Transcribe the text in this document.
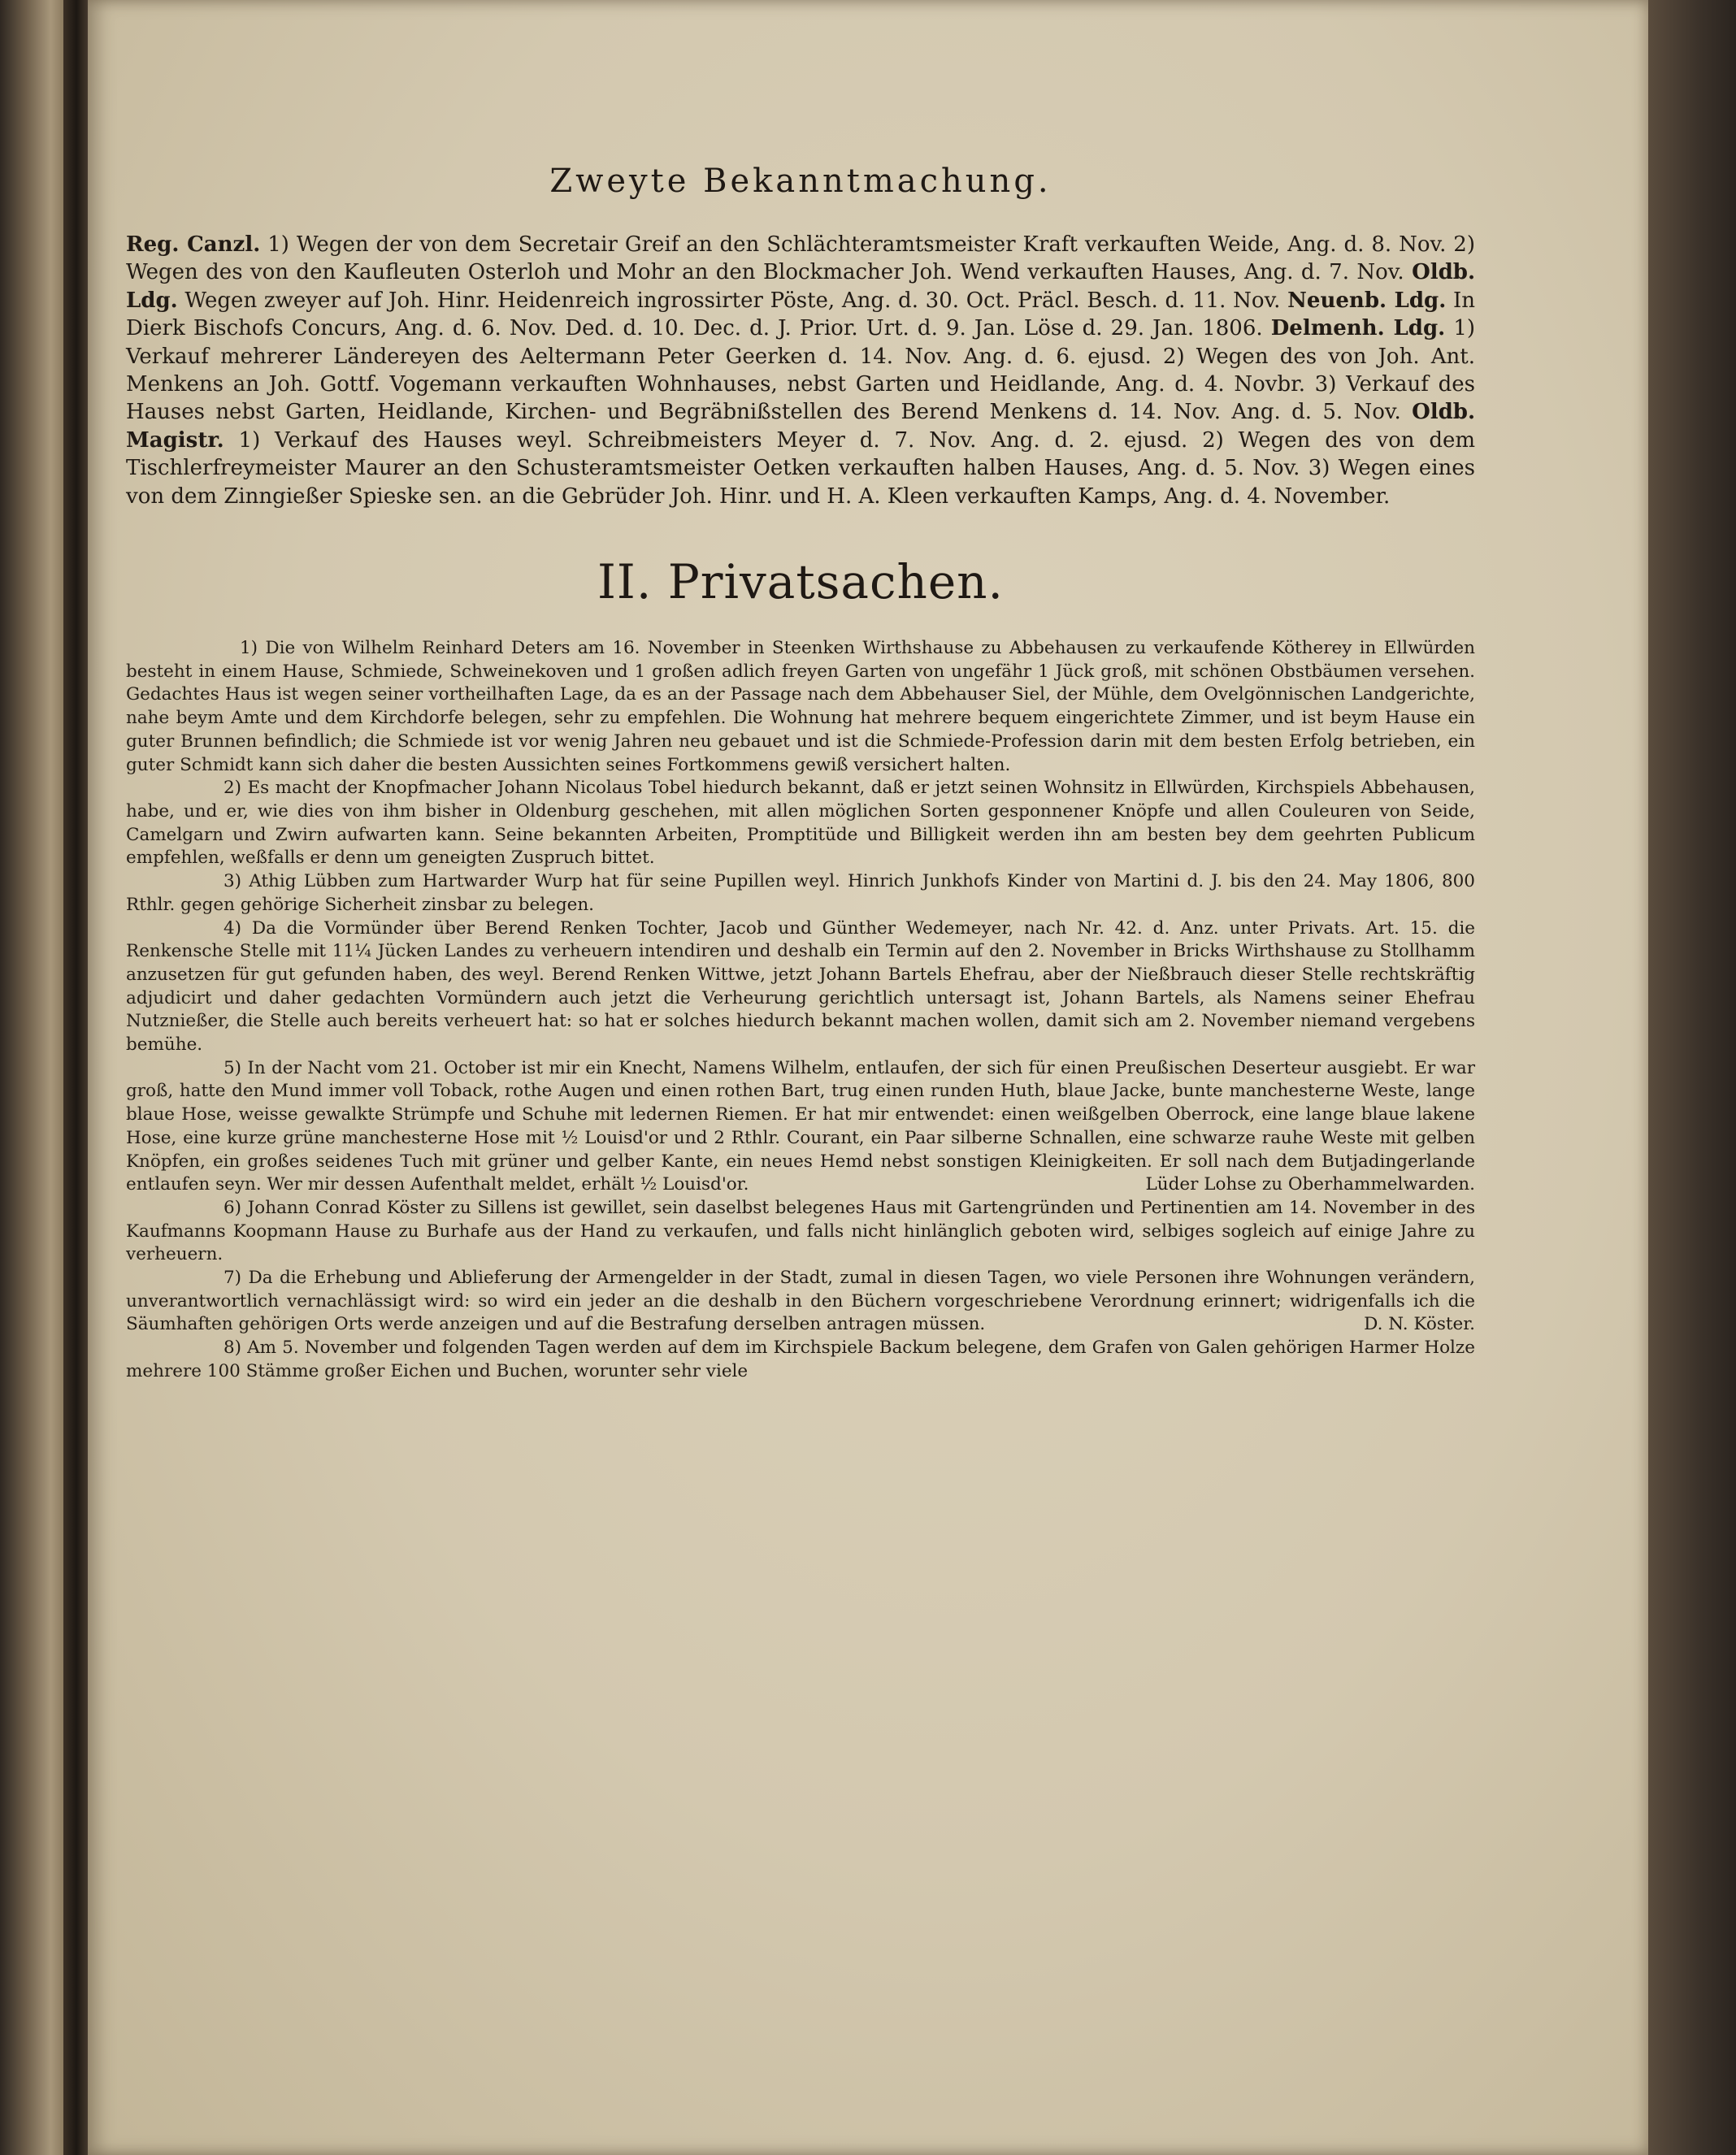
Zweyte Bekanntmachung.
Reg. Canzl. 1) Wegen der von dem Secretair Greif an den Schlächteramtsmeister Kraft verkauften Weide, Ang. d. 8. Nov. 2) Wegen des von den Kaufleuten Osterloh und Mohr an den Blockmacher Joh. Wend verkauften Hauses, Ang. d. 7. Nov. Oldb. Ldg. Wegen zweyer auf Joh. Hinr. Heidenreich ingrossirter Pöste, Ang. d. 30. Oct. Präcl. Besch. d. 11. Nov. Neuenb. Ldg. In Dierk Bischofs Concurs, Ang. d. 6. Nov. Ded. d. 10. Dec. d. J. Prior. Urt. d. 9. Jan. Löse d. 29. Jan. 1806. Delmenh. Ldg. 1) Verkauf mehrerer Ländereyen des Aeltermann Peter Geerken d. 14. Nov. Ang. d. 6. ejusd. 2) Wegen des von Joh. Ant. Menkens an Joh. Gottf. Vogemann verkauften Wohnhauses, nebst Garten und Heidlande, Ang. d. 4. Novbr. 3) Verkauf des Hauses nebst Garten, Heidlande, Kirchen- und Begräbnißstellen des Berend Menkens d. 14. Nov. Ang. d. 5. Nov. Oldb. Magistr. 1) Verkauf des Hauses weyl. Schreibmeisters Meyer d. 7. Nov. Ang. d. 2. ejusd. 2) Wegen des von dem Tischlerfreymeister Maurer an den Schusteramtsmeister Oetken verkauften halben Hauses, Ang. d. 5. Nov. 3) Wegen eines von dem Zinngießer Spieske sen. an die Gebrüder Joh. Hinr. und H. A. Kleen verkauften Kamps, Ang. d. 4. November.
II. Privatsachen.

1) Die von Wilhelm Reinhard Deters am 16. November in Steenken Wirthshause zu Abbehausen zu verkaufende Kötherey in Ellwürden besteht in einem Hause, Schmiede, Schweinekoven und 1 großen adlich freyen Garten von ungefähr 1 Jück groß, mit schönen Obstbäumen versehen. Gedachtes Haus ist wegen seiner vortheilhaften Lage, da es an der Passage nach dem Abbehauser Siel, der Mühle, dem Ovelgönnischen Landgerichte, nahe beym Amte und dem Kirchdorfe belegen, sehr zu empfehlen. Die Wohnung hat mehrere bequem eingerichtete Zimmer, und ist beym Hause ein guter Brunnen befindlich; die Schmiede ist vor wenig Jahren neu gebauet und ist die Schmiede-Profession darin mit dem besten Erfolg betrieben, ein guter Schmidt kann sich daher die besten Aussichten seines Fortkommens gewiß versichert halten.

2) Es macht der Knopfmacher Johann Nicolaus Tobel hiedurch bekannt, daß er jetzt seinen Wohnsitz in Ellwürden, Kirchspiels Abbehausen, habe, und er, wie dies von ihm bisher in Oldenburg geschehen, mit allen möglichen Sorten gesponnener Knöpfe und allen Couleuren von Seide, Camelgarn und Zwirn aufwarten kann. Seine bekannten Arbeiten, Promptitüde und Billigkeit werden ihn am besten bey dem geehrten Publicum empfehlen, weßfalls er denn um geneigten Zuspruch bittet.

3) Athig Lübben zum Hartwarder Wurp hat für seine Pupillen weyl. Hinrich Junkhofs Kinder von Martini d. J. bis den 24. May 1806, 800 Rthlr. gegen gehörige Sicherheit zinsbar zu belegen.

4) Da die Vormünder über Berend Renken Tochter, Jacob und Günther Wedemeyer, nach Nr. 42. d. Anz. unter Privats. Art. 15. die Renkensche Stelle mit 11¼ Jücken Landes zu verheuern intendiren und deshalb ein Termin auf den 2. November in Bricks Wirthshause zu Stollhamm anzusetzen für gut gefunden haben, des weyl. Berend Renken Wittwe, jetzt Johann Bartels Ehefrau, aber der Nießbrauch dieser Stelle rechtskräftig adjudicirt und daher gedachten Vormündern auch jetzt die Verheurung gerichtlich untersagt ist, Johann Bartels, als Namens seiner Ehefrau Nutznießer, die Stelle auch bereits verheuert hat: so hat er solches hiedurch bekannt machen wollen, damit sich am 2. November niemand vergebens bemühe.

5) In der Nacht vom 21. October ist mir ein Knecht, Namens Wilhelm, entlaufen, der sich für einen Preußischen Deserteur ausgiebt. Er war groß, hatte den Mund immer voll Toback, rothe Augen und einen rothen Bart, trug einen runden Huth, blaue Jacke, bunte manchesterne Weste, lange blaue Hose, weisse gewalkte Strümpfe und Schuhe mit ledernen Riemen. Er hat mir entwendet: einen weißgelben Oberrock, eine lange blaue lakene Hose, eine kurze grüne manchesterne Hose mit ½ Louisd'or und 2 Rthlr. Courant, ein Paar silberne Schnallen, eine schwarze rauhe Weste mit gelben Knöpfen, ein großes seidenes Tuch mit grüner und gelber Kante, ein neues Hemd nebst sonstigen Kleinigkeiten. Er soll nach dem Butjadingerlande entlaufen seyn. Wer mir dessen Aufenthalt meldet, erhält ½ Louisd'or.	Lüder Lohse zu Oberhammelwarden.

6) Johann Conrad Köster zu Sillens ist gewillet, sein daselbst belegenes Haus mit Gartengründen und Pertinentien am 14. November in des Kaufmanns Koopmann Hause zu Burhafe aus der Hand zu verkaufen, und falls nicht hinlänglich geboten wird, selbiges sogleich auf einige Jahre zu verheuern.

7) Da die Erhebung und Ablieferung der Armengelder in der Stadt, zumal in diesen Tagen, wo viele Personen ihre Wohnungen verändern, unverantwortlich vernachlässigt wird: so wird ein jeder an die deshalb in den Büchern vorgeschriebene Verordnung erinnert; widrigenfalls ich die Säumhaften gehörigen Orts werde anzeigen und auf die Bestrafung derselben antragen müssen.	D. N. Köster.

8) Am 5. November und folgenden Tagen werden auf dem im Kirchspiele Backum belegene, dem Grafen von Galen gehörigen Harmer Holze mehrere 100 Stämme großer Eichen und Buchen, worunter sehr viele
